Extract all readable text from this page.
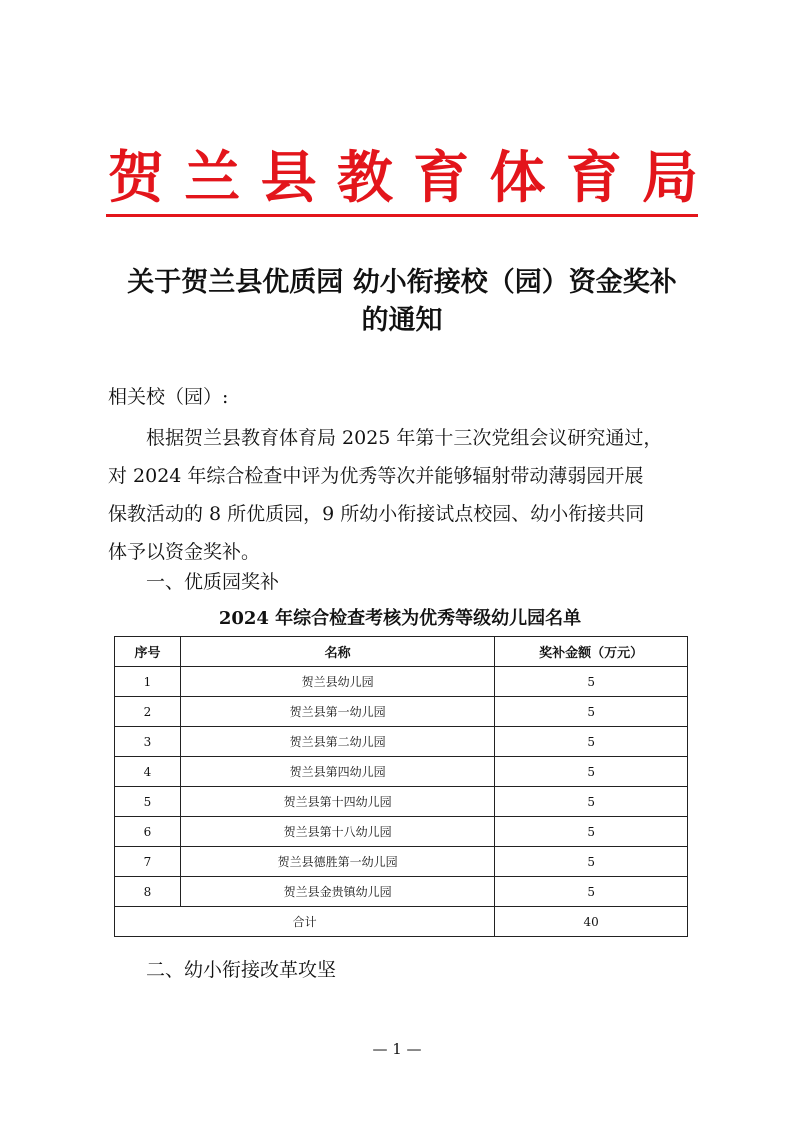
贺 兰 县 教 育 体 育 局
关于贺兰县优质园 幼小衔接校（园）资金奖补
的通知
相关校（园）:
　　根据贺兰县教育体育局 2025 年第十三次党组会议研究通过，
对 2024 年综合检查中评为优秀等次并能够辐射带动薄弱园开展
保教活动的 8 所优质园，9 所幼小衔接试点校园、幼小衔接共同
体予以资金奖补。
一、优质园奖补
2024 年综合检查考核为优秀等级幼儿园名单
序号	名称	奖补金额（万元）
1	贺兰县幼儿园	5
2	贺兰县第一幼儿园	5
3	贺兰县第二幼儿园	5
4	贺兰县第四幼儿园	5
5	贺兰县第十四幼儿园	5
6	贺兰县第十八幼儿园	5
7	贺兰县德胜第一幼儿园	5
8	贺兰县金贵镇幼儿园	5
合计		40
二、幼小衔接改革攻坚
— 1 —
